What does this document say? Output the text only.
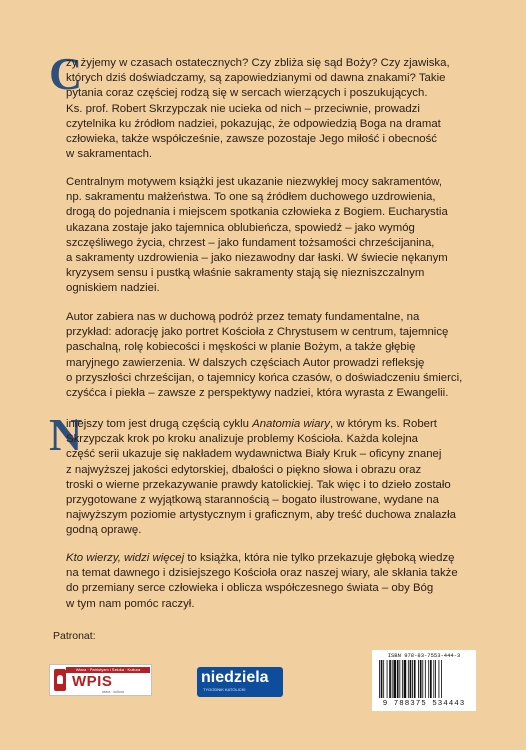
C
zy żyjemy w czasach ostatecznych? Czy zbliża się sąd Boży? Czy zjawiska,
których dziś doświadczamy, są zapowiedzianymi od dawna znakami? Takie
pytania coraz częściej rodzą się w sercach wierzących i poszukujących.
Ks. prof. Robert Skrzypczak nie ucieka od nich – przeciwnie, prowadzi
czytelnika ku źródłom nadziei, pokazując, że odpowiedzią Boga na dramat
człowieka, także współcześnie, zawsze pozostaje Jego miłość i obecność
w sakramentach.
Centralnym motywem książki jest ukazanie niezwykłej mocy sakramentów,
np. sakramentu małżeństwa. To one są źródłem duchowego uzdrowienia,
drogą do pojednania i miejscem spotkania człowieka z Bogiem. Eucharystia
ukazana zostaje jako tajemnica oblubieńcza, spowiedź – jako wymóg
szczęśliwego życia, chrzest – jako fundament tożsamości chrześcijanina,
a sakramenty uzdrowienia – jako niezawodny dar łaski. W świecie nękanym
kryzysem sensu i pustką właśnie sakramenty stają się niezniszczalnym
ogniskiem nadziei.
Autor zabiera nas w duchową podróż przez tematy fundamentalne, na
przykład: adorację jako portret Kościoła z Chrystusem w centrum, tajemnicę
paschalną, rolę kobiecości i męskości w planie Bożym, a także głębię
maryjnego zawierzenia. W dalszych częściach Autor prowadzi refleksję
o przyszłości chrześcijan, o tajemnicy końca czasów, o doświadczeniu śmierci,
czyśćca i piekła – zawsze z perspektywy nadziei, która wyrasta z Ewangelii.
N
iniejszy tom jest drugą częścią cyklu Anatomia wiary, w którym ks. Robert
Skrzypczak krok po kroku analizuje problemy Kościoła. Każda kolejna
część serii ukazuje się nakładem wydawnictwa Biały Kruk – oficyny znanej
z najwyższej jakości edytorskiej, dbałości o piękno słowa i obrazu oraz
troski o wierne przekazywanie prawdy katolickiej. Tak więc i to dzieło zostało
przygotowane z wyjątkową starannością – bogato ilustrowane, wydane na
najwyższym poziomie artystycznym i graficznym, aby treść duchowa znalazła
godną oprawę.
Kto wierzy, widzi więcej to książka, która nie tylko przekazuje głęboką wiedzę
na temat dawnego i dzisiejszego Kościoła oraz naszej wiary, ale skłania także
do przemiany serce człowieka i oblicza współczesnego świata – oby Bóg
w tym nam pomóc raczył.
Patronat:
Wiara · Patriotyzm i Sztuka · Kultura
WPIS
wiara · kultura
niedziela
TYGODNIK KATOLICKI
ISBN 978-83-7553-444-3
9 788375 534443
